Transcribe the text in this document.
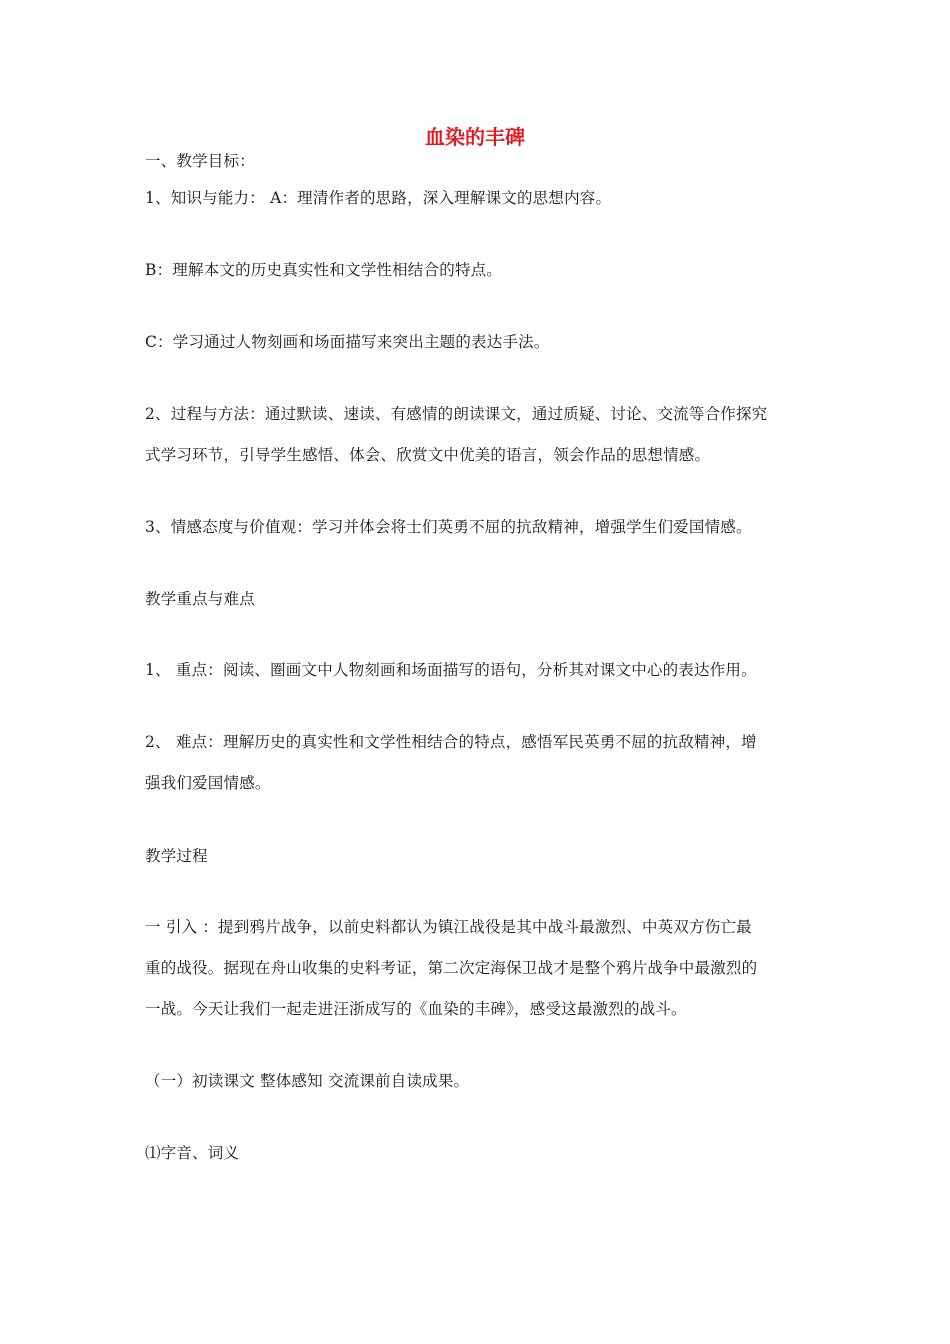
血染的丰碑
一、教学目标：
1、知识与能力： A：理清作者的思路，深入理解课文的思想内容。
B：理解本文的历史真实性和文学性相结合的特点。
C：学习通过人物刻画和场面描写来突出主题的表达手法。
2、过程与方法：通过默读、速读、有感情的朗读课文，通过质疑、讨论、交流等合作探究
式学习环节，引导学生感悟、体会、欣赏文中优美的语言，领会作品的思想情感。
3、情感态度与价值观：学习并体会将士们英勇不屈的抗敌精神，增强学生们爱国情感。
教学重点与难点
1、 重点：阅读、圈画文中人物刻画和场面描写的语句，分析其对课文中心的表达作用。
2、 难点：理解历史的真实性和文学性相结合的特点，感悟军民英勇不屈的抗敌精神，增
强我们爱国情感。
教学过程
一 引入 ：提到鸦片战争，以前史料都认为镇江战役是其中战斗最激烈、中英双方伤亡最
重的战役。据现在舟山收集的史料考证，第二次定海保卫战才是整个鸦片战争中最激烈的
一战。今天让我们一起走进汪浙成写的《血染的丰碑》，感受这最激烈的战斗。
（一）初读课文 整体感知 交流课前自读成果。
⑴字音、词义
